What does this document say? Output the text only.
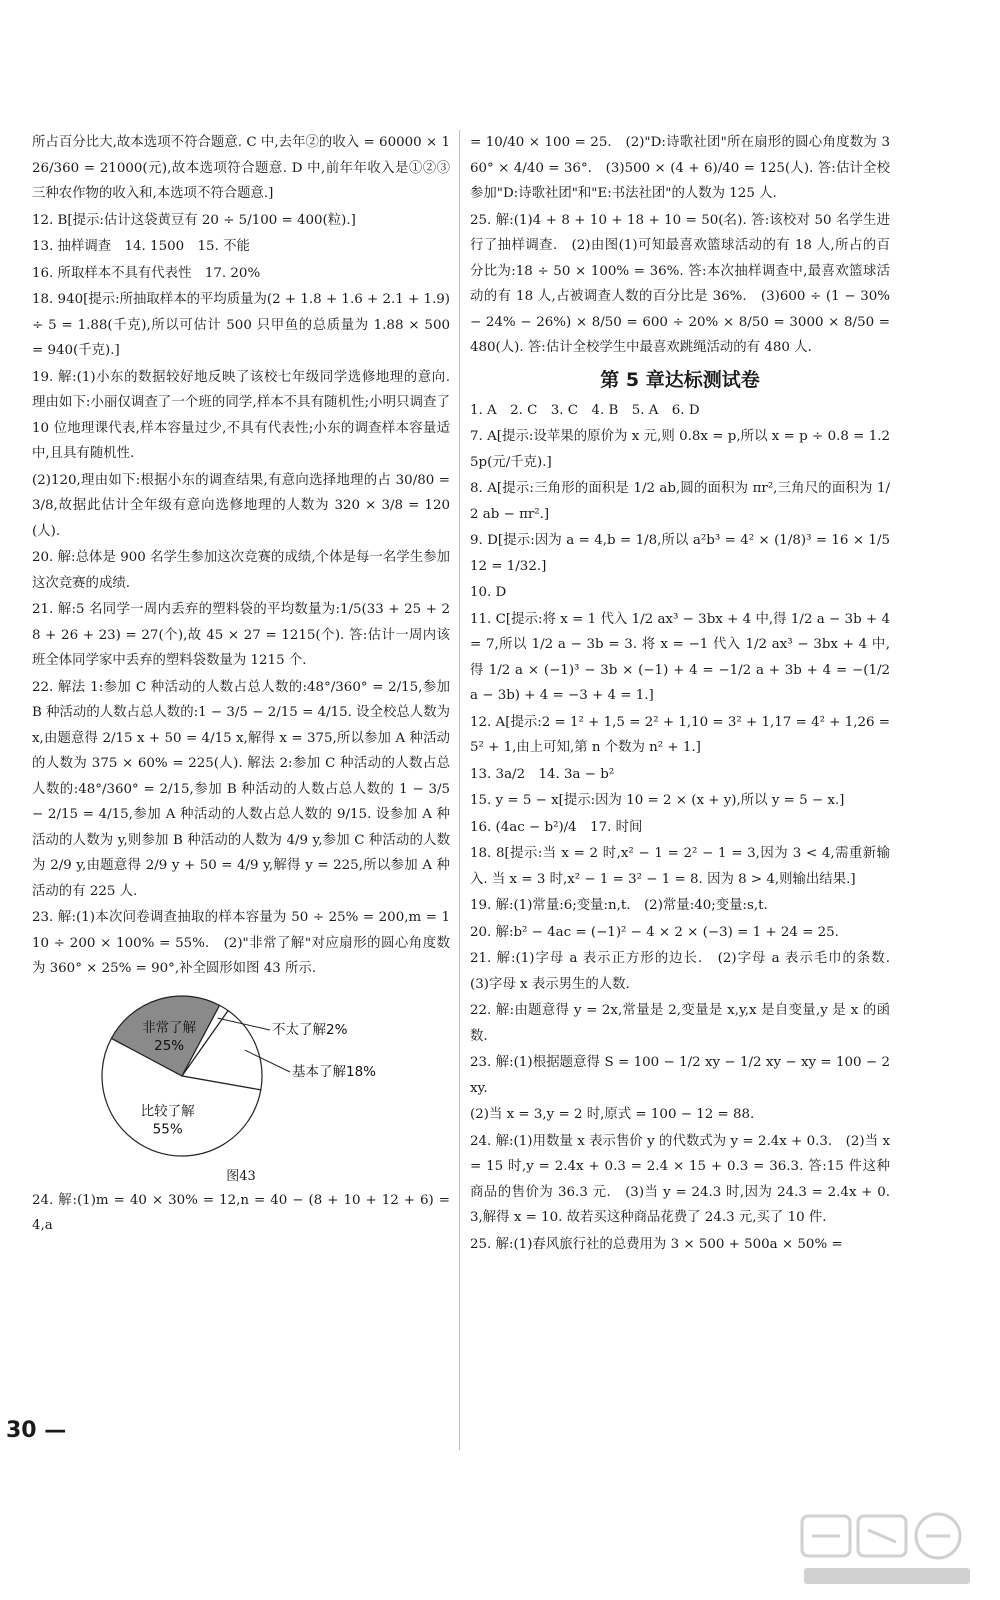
所占百分比大,故本选项不符合题意. C 中,去年②的收入 = 60000 × 126/360 = 21000(元),故本选项符合题意. D 中,前年年收入是①②③三种农作物的收入和,本选项不符合题意.]

12. B[提示:估计这袋黄豆有 20 ÷ 5/100 = 400(粒).]

13. 抽样调查　14. 1500　15. 不能

16. 所取样本不具有代表性　17. 20%

18. 940[提示:所抽取样本的平均质量为(2 + 1.8 + 1.6 + 2.1 + 1.9) ÷ 5 = 1.88(千克),所以可估计 500 只甲鱼的总质量为 1.88 × 500 = 940(千克).]

19. 解:(1)小东的数据较好地反映了该校七年级同学选修地理的意向. 理由如下:小丽仅调查了一个班的同学,样本不具有随机性;小明只调查了 10 位地理课代表,样本容量过少,不具有代表性;小东的调查样本容量适中,且具有随机性.

(2)120,理由如下:根据小东的调查结果,有意向选择地理的占 30/80 = 3/8,故据此估计全年级有意向选修地理的人数为 320 × 3/8 = 120(人).

20. 解:总体是 900 名学生参加这次竞赛的成绩,个体是每一名学生参加这次竞赛的成绩.

21. 解:5 名同学一周内丢弃的塑料袋的平均数量为:1/5(33 + 25 + 28 + 26 + 23) = 27(个),故 45 × 27 = 1215(个). 答:估计一周内该班全体同学家中丢弃的塑料袋数量为 1215 个.

22. 解法 1:参加 C 种活动的人数占总人数的:48°/360° = 2/15,参加 B 种活动的人数占总人数的:1 − 3/5 − 2/15 = 4/15. 设全校总人数为 x,由题意得 2/15 x + 50 = 4/15 x,解得 x = 375,所以参加 A 种活动的人数为 375 × 60% = 225(人). 解法 2:参加 C 种活动的人数占总人数的:48°/360° = 2/15,参加 B 种活动的人数占总人数的 1 − 3/5 − 2/15 = 4/15,参加 A 种活动的人数占总人数的 9/15. 设参加 A 种活动的人数为 y,则参加 B 种活动的人数为 4/9 y,参加 C 种活动的人数为 2/9 y,由题意得 2/9 y + 50 = 4/9 y,解得 y = 225,所以参加 A 种活动的有 225 人.

23. 解:(1)本次问卷调查抽取的样本容量为 50 ÷ 25% = 200,m = 110 ÷ 200 × 100% = 55%.　(2)"非常了解"对应扇形的圆心角度数为 360° × 25% = 90°,补全圆形如图 43 所示.

非常了解
25%
比较了解
55%
不太了解2%
基本了解18%
图43

24. 解:(1)m = 40 × 30% = 12,n = 40 − (8 + 10 + 12 + 6) = 4,a

= 10/40 × 100 = 25.　(2)"D:诗歌社团"所在扇形的圆心角度数为 360° × 4/40 = 36°.　(3)500 × (4 + 6)/40 = 125(人). 答:估计全校参加"D:诗歌社团"和"E:书法社团"的人数为 125 人.

25. 解:(1)4 + 8 + 10 + 18 + 10 = 50(名). 答:该校对 50 名学生进行了抽样调查.　(2)由图(1)可知最喜欢篮球活动的有 18 人,所占的百分比为:18 ÷ 50 × 100% = 36%. 答:本次抽样调查中,最喜欢篮球活动的有 18 人,占被调查人数的百分比是 36%.　(3)600 ÷ (1 − 30% − 24% − 26%) × 8/50 = 600 ÷ 20% × 8/50 = 3000 × 8/50 = 480(人). 答:估计全校学生中最喜欢跳绳活动的有 480 人.

第 5 章达标测试卷

1. A　2. C　3. C　4. B　5. A　6. D

7. A[提示:设苹果的原价为 x 元,则 0.8x = p,所以 x = p ÷ 0.8 = 1.25p(元/千克).]

8. A[提示:三角形的面积是 1/2 ab,圆的面积为 πr²,三角尺的面积为 1/2 ab − πr².]

9. D[提示:因为 a = 4,b = 1/8,所以 a²b³ = 4² × (1/8)³ = 16 × 1/512 = 1/32.]

10. D

11. C[提示:将 x = 1 代入 1/2 ax³ − 3bx + 4 中,得 1/2 a − 3b + 4 = 7,所以 1/2 a − 3b = 3. 将 x = −1 代入 1/2 ax³ − 3bx + 4 中,得 1/2 a × (−1)³ − 3b × (−1) + 4 = −1/2 a + 3b + 4 = −(1/2 a − 3b) + 4 = −3 + 4 = 1.]

12. A[提示:2 = 1² + 1,5 = 2² + 1,10 = 3² + 1,17 = 4² + 1,26 = 5² + 1,由上可知,第 n 个数为 n² + 1.]

13. 3a/2　14. 3a − b²

15. y = 5 − x[提示:因为 10 = 2 × (x + y),所以 y = 5 − x.]

16. (4ac − b²)/4　17. 时间

18. 8[提示:当 x = 2 时,x² − 1 = 2² − 1 = 3,因为 3 < 4,需重新输入. 当 x = 3 时,x² − 1 = 3² − 1 = 8. 因为 8 > 4,则输出结果.]

19. 解:(1)常量:6;变量:n,t.　(2)常量:40;变量:s,t.

20. 解:b² − 4ac = (−1)² − 4 × 2 × (−3) = 1 + 24 = 25.

21. 解:(1)字母 a 表示正方形的边长.　(2)字母 a 表示毛巾的条数.　(3)字母 x 表示男生的人数.

22. 解:由题意得 y = 2x,常量是 2,变量是 x,y,x 是自变量,y 是 x 的函数.

23. 解:(1)根据题意得 S = 100 − 1/2 xy − 1/2 xy − xy = 100 − 2xy.

(2)当 x = 3,y = 2 时,原式 = 100 − 12 = 88.

24. 解:(1)用数量 x 表示售价 y 的代数式为 y = 2.4x + 0.3.　(2)当 x = 15 时,y = 2.4x + 0.3 = 2.4 × 15 + 0.3 = 36.3. 答:15 件这种商品的售价为 36.3 元.　(3)当 y = 24.3 时,因为 24.3 = 2.4x + 0.3,解得 x = 10. 故若买这种商品花费了 24.3 元,买了 10 件.

25. 解:(1)春风旅行社的总费用为 3 × 500 + 500a × 50% =

30 —
